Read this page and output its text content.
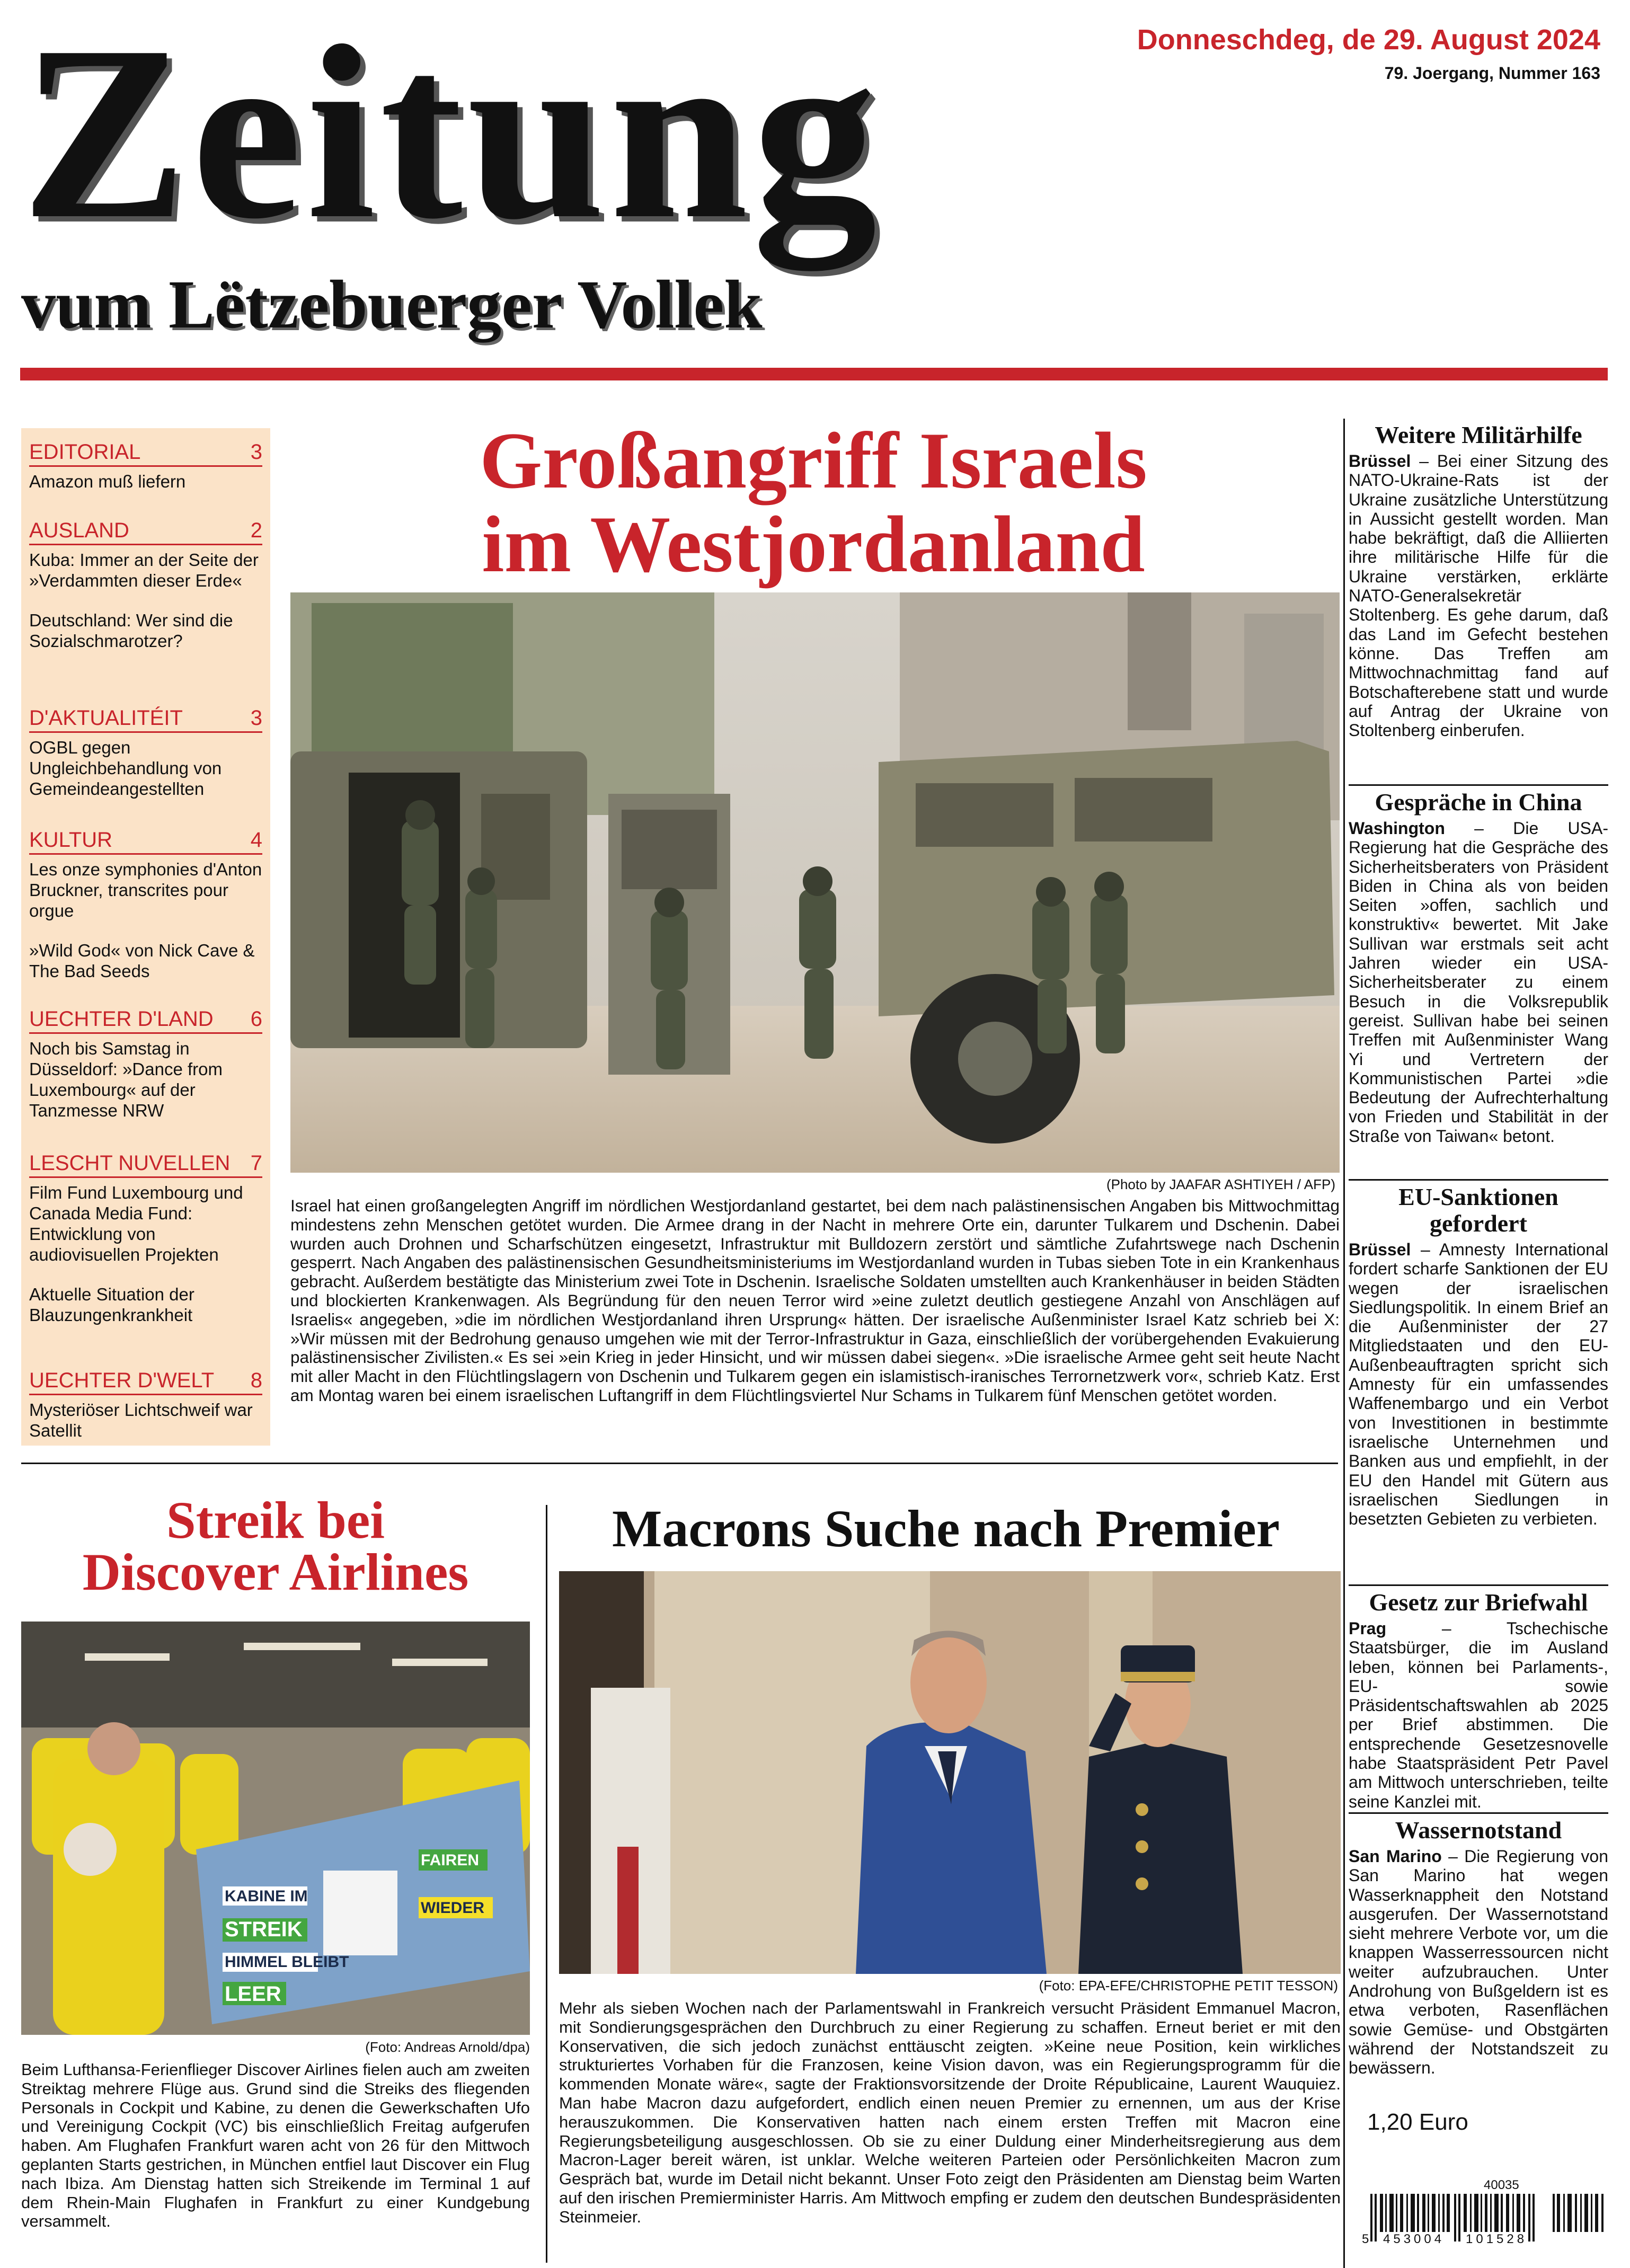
Zeitung
vum Lëtzebuerger Vollek
Donneschdeg, de 29. August 2024
79. Joergang, Nummer 163
EDITORIAL	3
Amazon muß liefern
AUSLAND	2
Kuba: Immer an der Seite der »Verdammten dieser Erde«
Deutschland: Wer sind die Sozialschmarotzer?
D'AKTUALITÉIT	3
OGBL gegen Ungleichbehandlung von Gemeindeangestellten
KULTUR	4
Les onze symphonies d'Anton Bruckner, transcrites pour orgue
»Wild God« von Nick Cave & The Bad Seeds
UECHTER D'LAND 6
Noch bis Samstag in Düsseldorf: »Dance from Luxembourg« auf der Tanzmesse NRW
LESCHT NUVELLEN 7
Film Fund Luxembourg und Canada Media Fund: Entwicklung von audiovisuellen Projekten
Aktuelle Situation der Blauzungenkrankheit
UECHTER D'WELT 8
Mysteriöser Lichtschweif war Satellit
Großangriff Israels
im Westjordanland
(Photo by JAAFAR ASHTIYEH / AFP)
Israel hat einen großangelegten Angriff im nördlichen Westjordanland gestartet, bei dem nach palästinensischen Angaben bis Mittwochmittag mindestens zehn Menschen getötet wurden. Die Armee drang in der Nacht in mehrere Orte ein, darunter Tulkarem und Dschenin. Dabei wurden auch Drohnen und Scharfschützen eingesetzt, Infrastruktur mit Bulldozern zerstört und sämtliche Zufahrtswege nach Dschenin gesperrt. Nach Angaben des palästinensischen Gesundheitsministeriums im Westjordanland wurden in Tubas sieben Tote in ein Krankenhaus gebracht. Außerdem bestätigte das Ministerium zwei Tote in Dschenin. Israelische Soldaten umstellten auch Krankenhäuser in beiden Städten und blockierten Krankenwagen. Als Begründung für den neuen Terror wird »eine zuletzt deutlich gestiegene Anzahl von Anschlägen auf Israelis« angegeben, »die im nördlichen Westjordanland ihren Ursprung« hätten. Der israelische Außenminister Israel Katz schrieb bei X: »Wir müssen mit der Bedrohung genauso umgehen wie mit der Terror-Infrastruktur in Gaza, einschließlich der vorübergehenden Evakuierung palästinensischer Zivilisten.« Es sei »ein Krieg in jeder Hinsicht, und wir müssen dabei siegen«. »Die israelische Armee geht seit heute Nacht mit aller Macht in den Flüchtlingslagern von Dschenin und Tulkarem gegen ein islamistisch-iranisches Terrornetzwerk vor«, schrieb Katz. Erst am Montag waren bei einem israelischen Luftangriff in dem Flüchtlingsviertel Nur Schams in Tulkarem fünf Menschen getötet worden.
Streik bei
Discover Airlines
KABINE IM
STREIK
HIMMEL BLEIBT
LEER
FAIREN
WIEDER
(Foto: Andreas Arnold/dpa)
Beim Lufthansa-Ferienflieger Discover Airlines fielen auch am zweiten Streiktag mehrere Flüge aus. Grund sind die Streiks des fliegenden Personals in Cockpit und Kabine, zu denen die Gewerkschaften Ufo und Vereinigung Cockpit (VC) bis einschließlich Freitag aufgerufen haben. Am Flughafen Frankfurt waren acht von 26 für den Mittwoch geplanten Starts gestrichen, in München entfiel laut Discover ein Flug nach Ibiza. Am Dienstag hatten sich Streikende im Terminal 1 auf dem Rhein-Main Flughafen in Frankfurt zu einer Kundgebung versammelt.
Macrons Suche nach Premier
(Foto: EPA-EFE/CHRISTOPHE PETIT TESSON)
Mehr als sieben Wochen nach der Parlamentswahl in Frankreich versucht Präsident Emmanuel Macron, mit Sondierungsgesprächen den Durchbruch zu einer Regierung zu schaffen. Erneut beriet er mit den Konservativen, die sich jedoch zunächst enttäuscht zeigten. »Keine neue Position, kein wirkliches strukturiertes Vorhaben für die Franzosen, keine Vision davon, was ein Regierungsprogramm für die kommenden Monate wäre«, sagte der Fraktionsvorsitzende der Droite Républicaine, Laurent Wauquiez. Man habe Macron dazu aufgefordert, endlich einen neuen Premier zu ernennen, um aus der Krise herauszukommen. Die Konservativen hatten nach einem ersten Treffen mit Macron eine Regierungsbeteiligung ausgeschlossen. Ob sie zu einer Duldung einer Minderheitsregierung aus dem Macron-Lager bereit wären, ist unklar. Welche weiteren Parteien oder Persönlichkeiten Macron zum Gespräch bat, wurde im Detail nicht bekannt. Unser Foto zeigt den Präsidenten am Dienstag beim Warten auf den irischen Premierminister Harris. Am Mittwoch empfing er zudem den deutschen Bundespräsidenten Steinmeier.
Weitere Militärhilfe
Brüssel – Bei einer Sitzung des NATO-Ukraine-Rats ist der Ukraine zusätzliche Unterstützung in Aussicht gestellt worden. Man habe bekräftigt, daß die Alliierten ihre militärische Hilfe für die Ukraine verstärken, erklärte NATO-Generalsekretär Stoltenberg. Es gehe darum, daß das Land im Gefecht bestehen könne. Das Treffen am Mittwochnachmittag fand auf Botschafterebene statt und wurde auf Antrag der Ukraine von Stoltenberg einberufen.
Gespräche in China
Washington – Die USA-Regierung hat die Gespräche des Sicherheitsberaters von Präsident Biden in China als von beiden Seiten »offen, sachlich und konstruktiv« bewertet. Mit Jake Sullivan war erstmals seit acht Jahren wieder ein USA-Sicherheitsberater zu einem Besuch in die Volksrepublik gereist. Sullivan habe bei seinen Treffen mit Außenminister Wang Yi und Vertretern der Kommunistischen Partei »die Bedeutung der Aufrechterhaltung von Frieden und Stabilität in der Straße von Taiwan« betont.
EU-Sanktionen gefordert
Brüssel – Amnesty International fordert scharfe Sanktionen der EU wegen der israelischen Siedlungspolitik. In einem Brief an die Außenminister der 27 Mitgliedstaaten und den EU-Außenbeauftragten spricht sich Amnesty für ein umfassendes Waffenembargo und ein Verbot von Investitionen in bestimmte israelische Unternehmen und Banken aus und empfiehlt, in der EU den Handel mit Gütern aus israelischen Siedlungen in besetzten Gebieten zu verbieten.
Gesetz zur Briefwahl
Prag	– Tschechische Staatsbürger, die im Ausland leben, können bei Parlaments-, EU- sowie Präsidentschaftswahlen ab 2025 per Brief abstimmen. Die entsprechende Gesetzesnovelle habe Staatspräsident Petr Pavel am Mittwoch unterschrieben, teilte seine Kanzlei mit.
Wassernotstand
San Marino – Die Regierung von San Marino hat wegen Wasserknappheit den Notstand ausgerufen. Der Wassernotstand sieht mehrere Verbote vor, um die knappen Wasserressourcen nicht weiter aufzubrauchen. Unter Androhung von Bußgeldern ist es etwa verboten, Rasenflächen sowie Gemüse- und Obstgärten während der Notstandszeit zu bewässern.
1,20 Euro
40035
5 453004 101528
